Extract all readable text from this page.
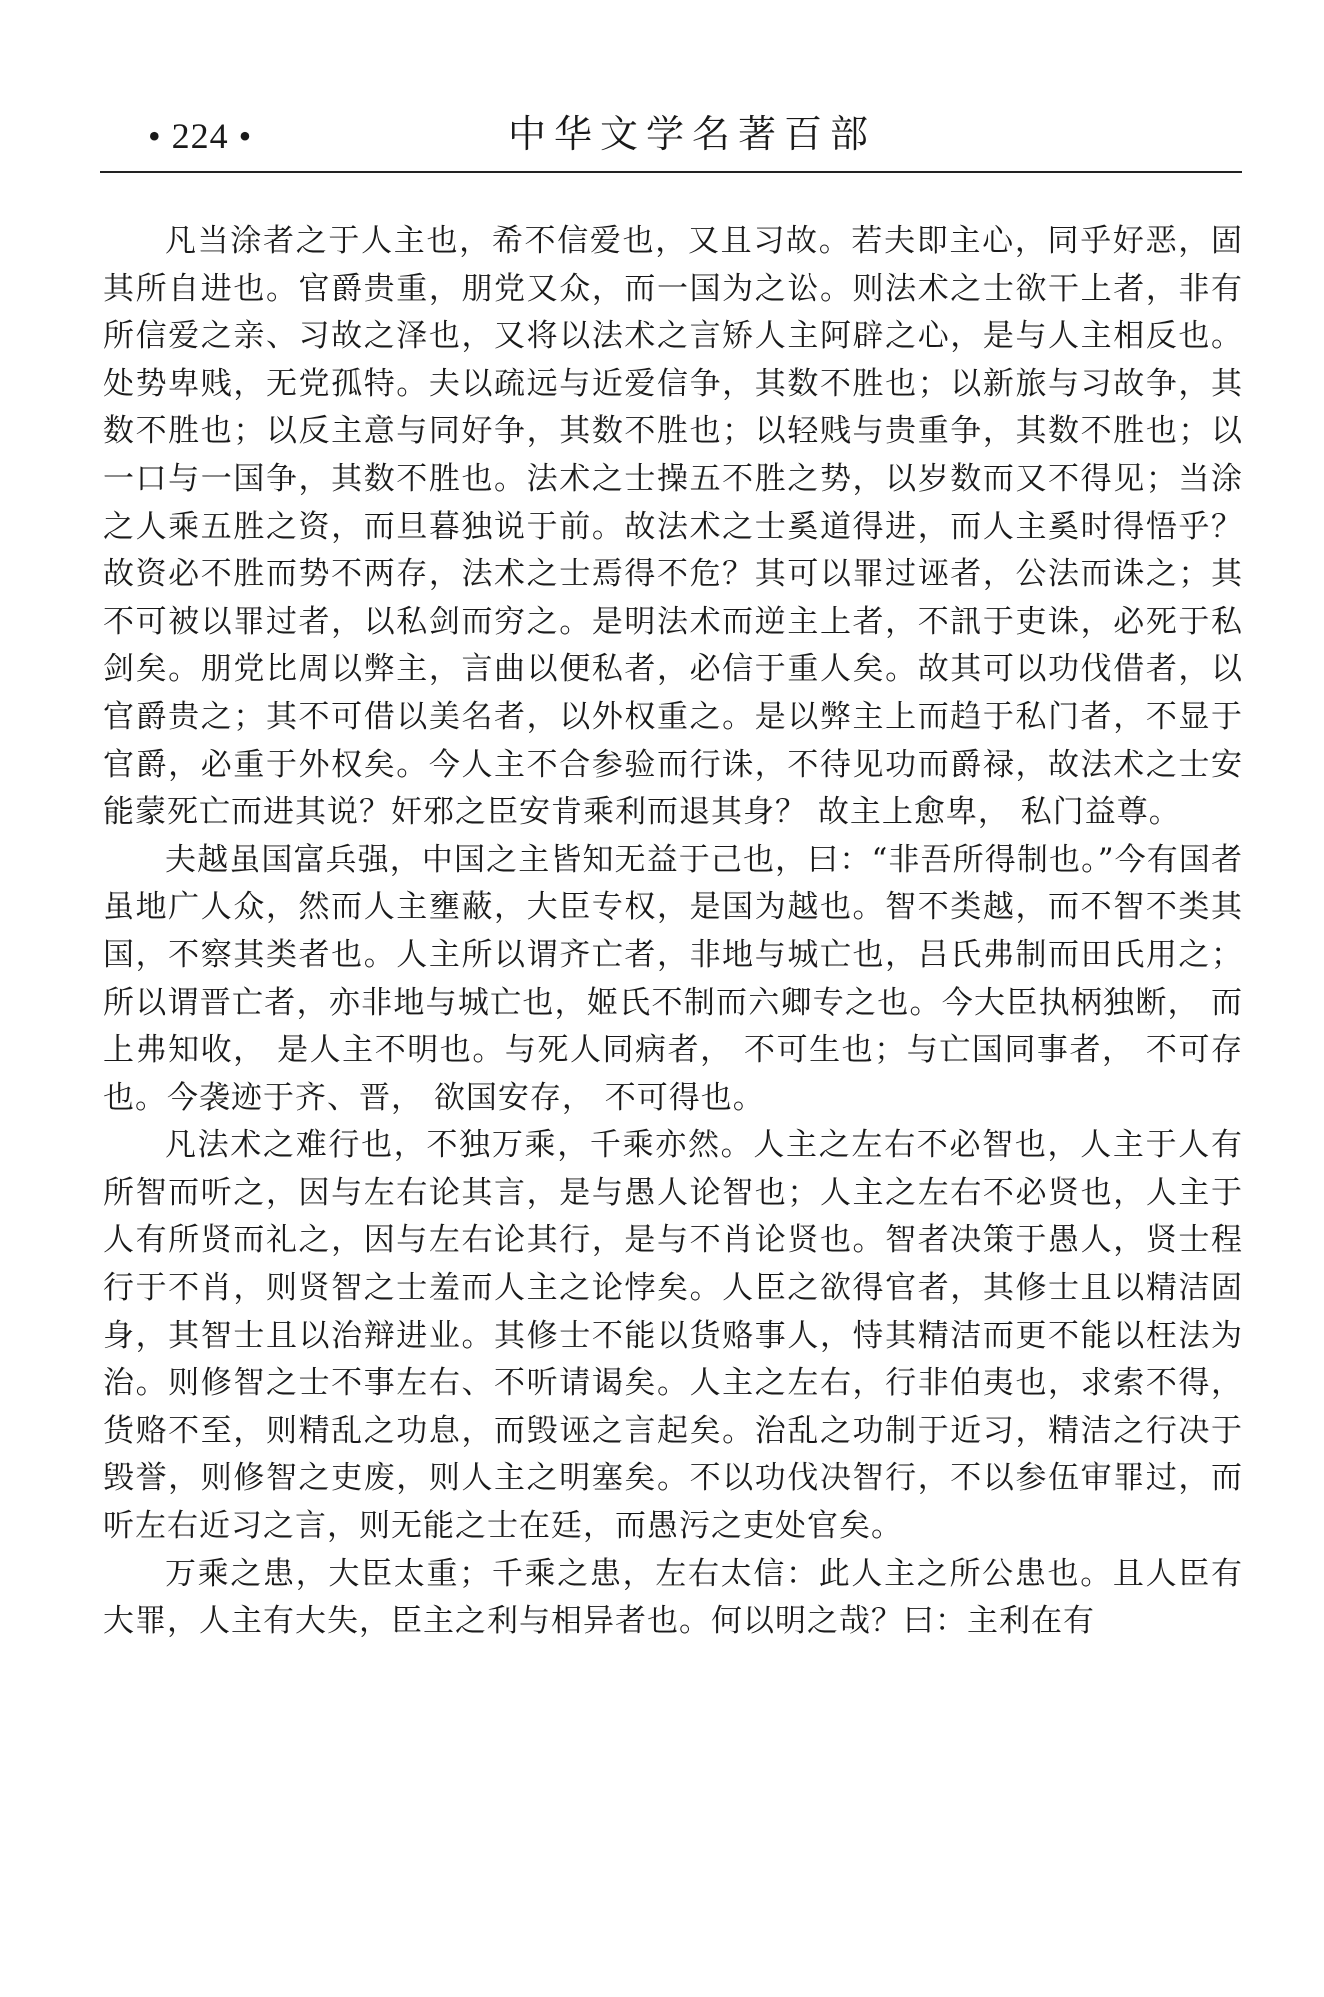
• 224 •	中华文学名著百部

凡当涂者之于人主也，希不信爱也，又且习故。若夫即主心，同乎好恶，固其所自进也。官爵贵重，朋党又众，而一国为之讼。则法术之士欲干上者，非有所信爱之亲、习故之泽也，又将以法术之言矫人主阿辟之心，是与人主相反也。处势卑贱，无党孤特。夫以疏远与近爱信争，其数不胜也；以新旅与习故争，其数不胜也；以反主意与同好争，其数不胜也；以轻贱与贵重争，其数不胜也；以一口与一国争，其数不胜也。法术之士操五不胜之势，以岁数而又不得见；当涂之人乘五胜之资，而旦暮独说于前。故法术之士奚道得进，而人主奚时得悟乎？故资必不胜而势不两存，法术之士焉得不危？其可以罪过诬者，公法而诛之；其不可被以罪过者，以私剑而穷之。是明法术而逆主上者，不訊于吏诛，必死于私剑矣。朋党比周以弊主，言曲以便私者，必信于重人矣。故其可以功伐借者，以官爵贵之；其不可借以美名者，以外权重之。是以弊主上而趋于私门者，不显于官爵，必重于外权矣。今人主不合参验而行诛，不待见功而爵禄，故法术之士安能蒙死亡而进其说？奸邪之臣安肯乘利而退其身？ 故主上愈卑， 私门益尊。

夫越虽国富兵强，中国之主皆知无益于己也，曰：“非吾所得制也。”今有国者虽地广人众，然而人主壅蔽，大臣专权，是国为越也。智不类越，而不智不类其国，不察其类者也。人主所以谓齐亡者，非地与城亡也，吕氏弗制而田氏用之；所以谓晋亡者，亦非地与城亡也，姬氏不制而六卿专之也。今大臣执柄独断， 而上弗知收， 是人主不明也。与死人同病者， 不可生也；与亡国同事者， 不可存也。今袭迹于齐、晋， 欲国安存， 不可得也。

凡法术之难行也，不独万乘，千乘亦然。人主之左右不必智也，人主于人有所智而听之，因与左右论其言，是与愚人论智也；人主之左右不必贤也，人主于人有所贤而礼之，因与左右论其行，是与不肖论贤也。智者决策于愚人，贤士程行于不肖，则贤智之士羞而人主之论悖矣。人臣之欲得官者，其修士且以精洁固身，其智士且以治辩进业。其修士不能以货赂事人，恃其精洁而更不能以枉法为治。则修智之士不事左右、不听请谒矣。人主之左右，行非伯夷也，求索不得，货赂不至，则精乱之功息，而毁诬之言起矣。治乱之功制于近习，精洁之行决于毁誉，则修智之吏废，则人主之明塞矣。不以功伐决智行，不以参伍审罪过，而听左右近习之言，则无能之士在廷，而愚污之吏处官矣。

万乘之患，大臣太重；千乘之患，左右太信：此人主之所公患也。且人臣有大罪，人主有大失，臣主之利与相异者也。何以明之哉？曰：主利在有
